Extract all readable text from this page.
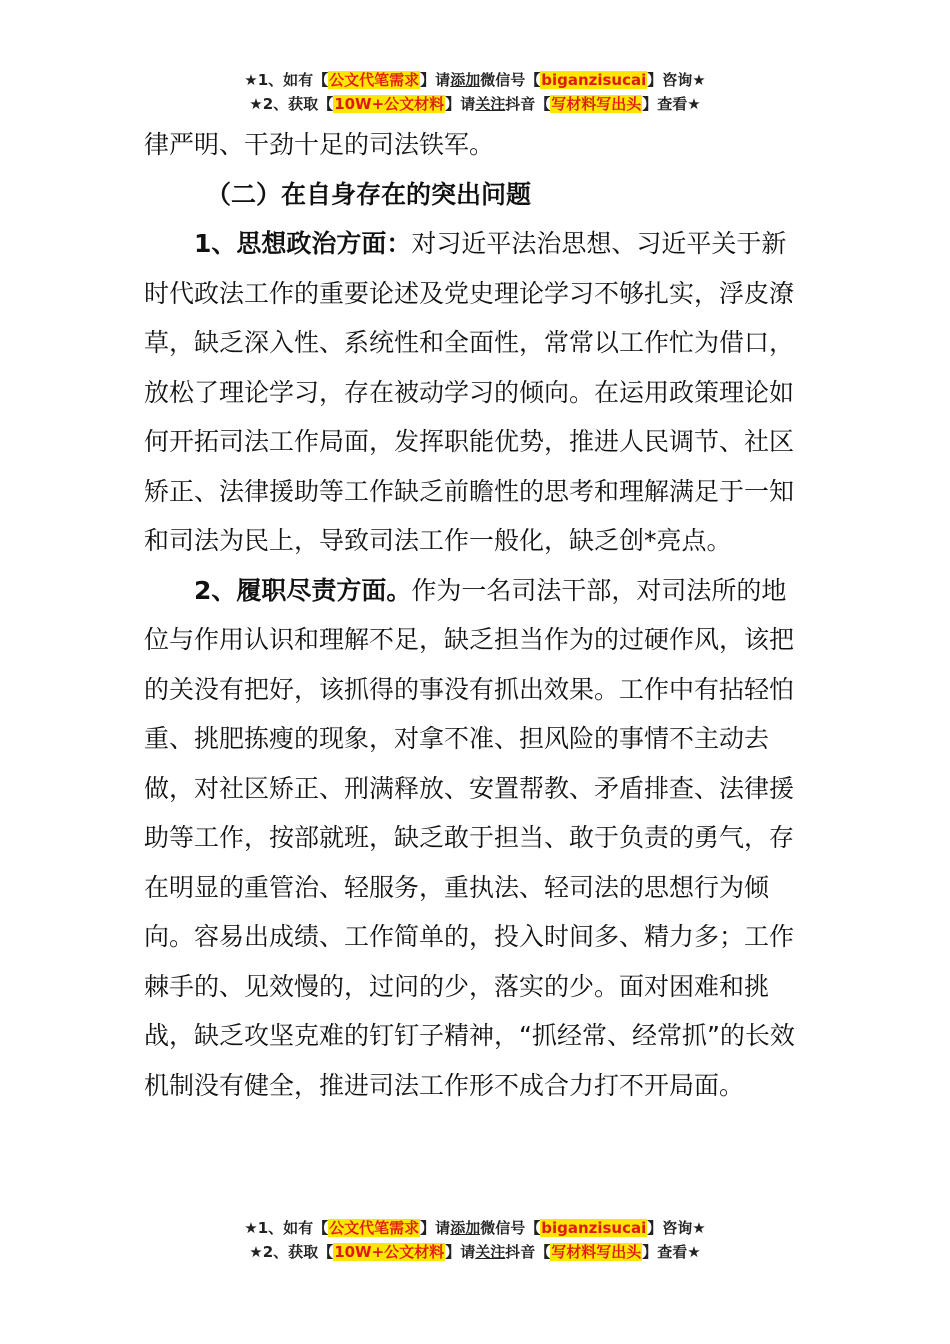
★1、如有【公文代笔需求】请添加微信号【biganzisucai】咨询★
★2、获取【10W+公文材料】请关注抖音【写材料写出头】查看★

律严明、干劲十足的司法铁军。

（二）在自身存在的突出问题

1、思想政治方面：对习近平法治思想、习近平关于新时代政法工作的重要论述及党史理论学习不够扎实，浮皮潦草，缺乏深入性、系统性和全面性，常常以工作忙为借口，放松了理论学习，存在被动学习的倾向。在运用政策理论如何开拓司法工作局面，发挥职能优势，推进人民调节、社区矫正、法律援助等工作缺乏前瞻性的思考和理解满足于一知和司法为民上，导致司法工作一般化，缺乏创*亮点。

2、履职尽责方面。作为一名司法干部，对司法所的地位与作用认识和理解不足，缺乏担当作为的过硬作风，该把的关没有把好，该抓得的事没有抓出效果。工作中有拈轻怕重、挑肥拣瘦的现象，对拿不准、担风险的事情不主动去做，对社区矫正、刑满释放、安置帮教、矛盾排查、法律援助等工作，按部就班，缺乏敢于担当、敢于负责的勇气，存在明显的重管治、轻服务，重执法、轻司法的思想行为倾向。容易出成绩、工作简单的，投入时间多、精力多；工作棘手的、见效慢的，过问的少，落实的少。面对困难和挑战，缺乏攻坚克难的钉钉子精神，“抓经常、经常抓”的长效机制没有健全，推进司法工作形不成合力打不开局面。

★1、如有【公文代笔需求】请添加微信号【biganzisucai】咨询★
★2、获取【10W+公文材料】请关注抖音【写材料写出头】查看★
